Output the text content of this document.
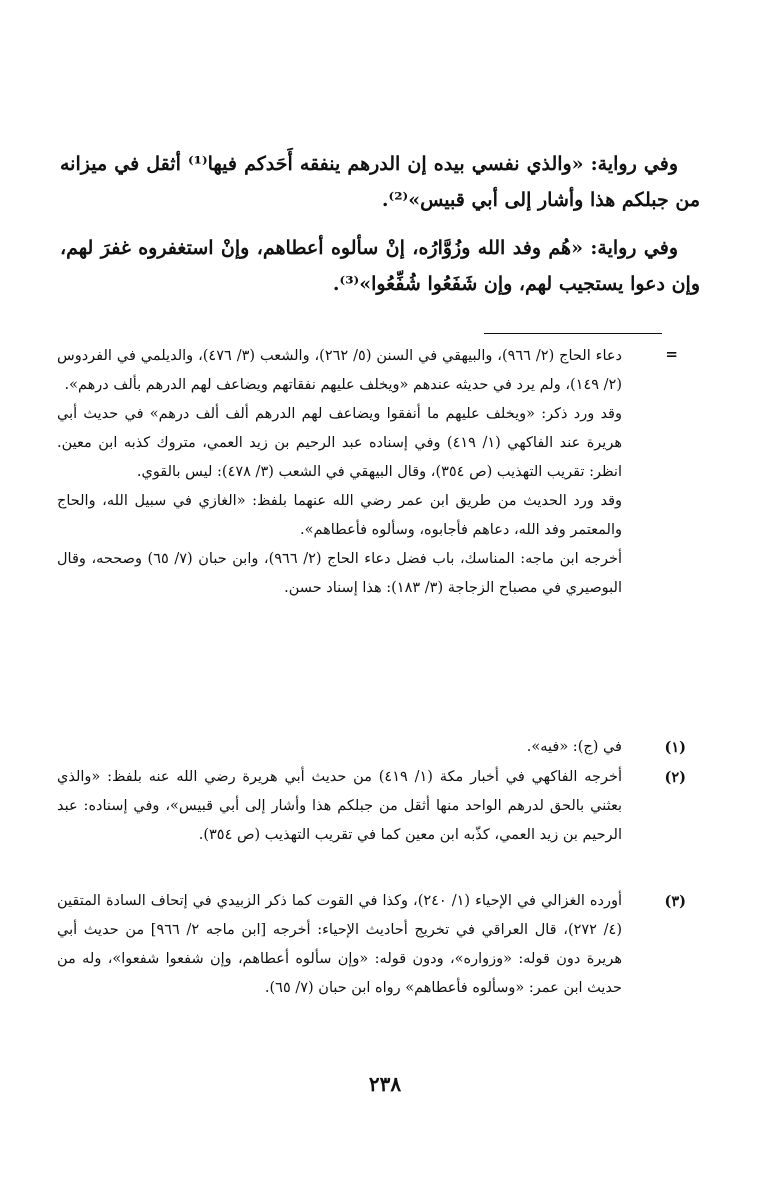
وفي رواية: «والذي نفسي بيده إن الدرهم ينفقه أَحَدكم فيها⁽¹⁾ أثقل في ميزانه من جبلكم هذا وأشار إلى أبي قبيس»⁽²⁾.

وفي رواية: «هُم وفد الله وزُوَّارُه، إنْ سألوه أعطاهم، وإنْ استغفروه غفرَ لهم، وإن دعوا يستجيب لهم، وإن شَفَعُوا شُفِّعُوا»⁽³⁾.

=

دعاء الحاج (٢/ ٩٦٦)، والبيهقي في السنن (٥/ ٢٦٢)، والشعب (٣/ ٤٧٦)، والديلمي في الفردوس (٢/ ١٤٩)، ولم يرد في حديثه عندهم «ويخلف عليهم نفقاتهم ويضاعف لهم الدرهم بألف درهم».

وقد ورد ذكر: «ويخلف عليهم ما أنفقوا ويضاعف لهم الدرهم ألف ألف درهم» في حديث أبي هريرة عند الفاكهي (١/ ٤١٩) وفي إسناده عبد الرحيم بن زيد العمي، متروك كذبه ابن معين. انظر: تقريب التهذيب (ص ٣٥٤)، وقال البيهقي في الشعب (٣/ ٤٧٨): ليس بالقوي.

وقد ورد الحديث من طريق ابن عمر رضي الله عنهما بلفظ: «الغازي في سبيل الله، والحاج والمعتمر وفد الله، دعاهم فأجابوه، وسألوه فأعطاهم».

أخرجه ابن ماجه: المناسك، باب فضل دعاء الحاج (٢/ ٩٦٦)، وابن حبان (٧/ ٦٥) وصححه، وقال البوصيري في مصباح الزجاجة (٣/ ١٨٣): هذا إسناد حسن.

(١)
في (ج): «فيه».
(٢)
أخرجه الفاكهي في أخبار مكة (١/ ٤١٩) من حديث أبي هريرة رضي الله عنه بلفظ: «والذي بعثني بالحق لدرهم الواحد منها أثقل من جبلكم هذا وأشار إلى أبي قبيس»، وفي إسناده: عبد الرحيم بن زيد العمي، كذّبه ابن معين كما في تقريب التهذيب (ص ٣٥٤).
(٣)
أورده الغزالي في الإحياء (١/ ٢٤٠)، وكذا في القوت كما ذكر الزبيدي في إتحاف السادة المتقين (٤/ ٢٧٢)، قال العراقي في تخريج أحاديث الإحياء: أخرجه [ابن ماجه ٢/ ٩٦٦] من حديث أبي هريرة دون قوله: «وزواره»، ودون قوله: «وإن سألوه أعطاهم، وإن شفعوا شفعوا»، وله من حديث ابن عمر: «وسألوه فأعطاهم» رواه ابن حبان (٧/ ٦٥).
٢٣٨
